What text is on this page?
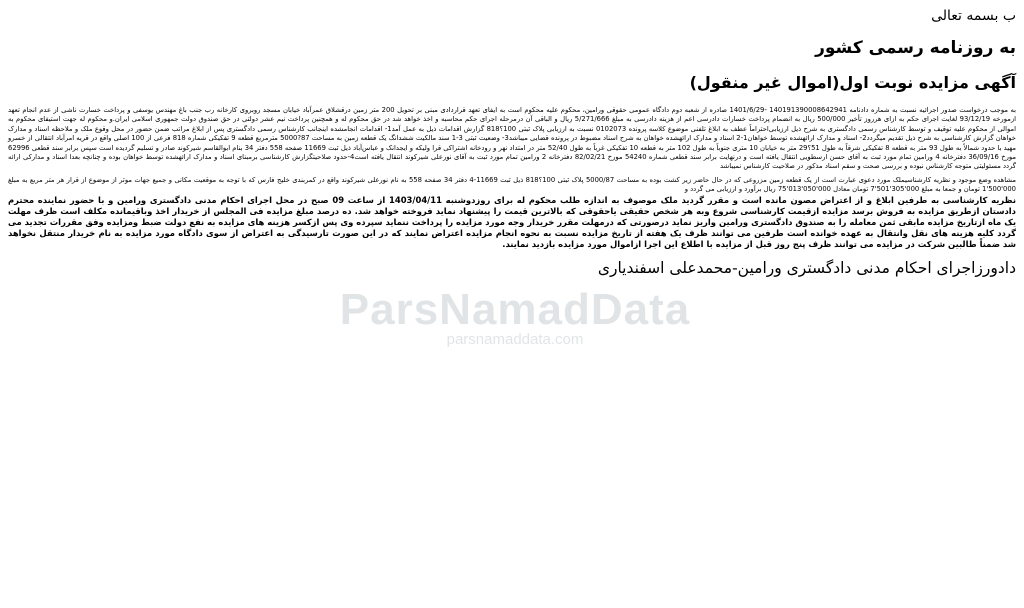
ب بسمه تعالی

به روزنامه رسمی کشور

آگهی مزایده نوبت اول(اموال غیر منقول)

به موجب درخواست صدور اجرائیه نسبت به شماره دادنامه 140191390008642941 -1401/6/29 صادره از شعبه دوم دادگاه عمومی حقوقی ورامین، محکوم علیه محکوم است به ایفای تعهد قراردادی مبنی بر تحویل 200 متر زمین درقشلاق عمرآباد خیابان مسجد روبروی کارخانه رب جنب باغ مهندس یوسفی و پرداخت خسارت ناشی از عدم انجام تعهد ازمورخه 93/12/19 لغایت اجرای حکم به ازای هرروز تأخیر 500/000 ریال به انضمام پرداخت خسارات دادرسی اعم از هزینه دادرسی به مبلغ 5/271/666 ریال و الباقی آن درمرحله اجرای حکم محاسبه و اخذ خواهد شد در حق محکوم له و همچنین پرداخت نیم عشر دولتی در حق صندوق دولت جمهوری اسلامی ایران.و محکوم له جهت استیفای محکوم به اموالی از محکوم علیه توقیف و توسط کارشناس رسمی دادگستری به شرح ذیل ارزیابی‌احتراماً عطف به ابلاغ تلفنی موضوع کلاسه پرونده 0102073 نسبت به ارزیابی پلاک ثبتی 100؟818 گزارش اقدامات ذیل به عمل آمد1- اقدامات انجامشده اینجانب کارشناس رسمی دادگستری پس از ابلاغ مراتب ضمن حضور در محل وقوع ملک و ملاحظه اسناد و مدارک خواهان گزارش کارشناسی به شرح ذیل تقدیم میگردد2- اسناد و مدارک ارائهشده توسط خواهان1-2 اسناد و مدارک ارائهشده خواهان به شرح اسناد مضبوط در پرونده قضایی میباشد3- وضعیت ثبتی 3-1 سند مالکیت ششدانگ یک قطعه زمین به مساحت 87?5000 مترمربع قطعه 9 تفکیکی شماره 818 فرعی از 100 اصلی واقع در قریه امرآباد انتقالی از خسرو مهید با حدود شمالاً به طول 93 متر به قطعه 8 تفکیکی شرقاً به طول 51؟29 متر به خیابان 10 متری جنوباً به طول 102 متر به قطعه 10 تفکیکی غرباً به طول 52/40 متر در امتداد نهر و رودخانه اشتراکی قرا ولیکه و ایجدانک و عباس‌آباد ذیل ثبت 11669 صفحه 558 دفتر 34 بنام ابوالقاسم شیرکوند صادر و تسلیم گردیده است سپس برابر سند قطعی 62996 مورخ 36/09/16 دفترخانه 4 ورامین تمام مورد ثبت به آقای حسن ارسطویی انتقال یافته است و درنهایت برابر سند قطعی شماره 54240 مورخ 82/02/21 دفترخانه 2 ورامین تمام مورد ثبت به آقای نورعلی شیرکوند انتقال یافته است4-حدود صلاحیتگزارش کارشناسی برمبنای اسناد و مدارک ارائهشده توسط خواهان بوده و چنانچه بعدا اسناد و مدارکی ارائه گردد مسئولیتی متوجه کارشناس نبوده و بررسی صحت و سقم اسناد مذکور در صلاحیت کارشناس نمیباشد

مشاهده وضع موجود و نظریه کارشناسیملک مورد دعوی عبارت است از یک قطعه زمین مزروعی که در حال حاضر زیر کشت بوده به مساحت 5000/87 پلاک ثبتی 100؟818 ذیل ثبت 11669-4 دفتر 34 صفحه 558 به نام نورعلی شیرکوند واقع در کمربندی خلیج فارس که با توجه به موقعیت مکانی و جمیع جهات موثر از موضوع از قرار هر متر مربع به مبلغ 000'500'1 تومان و جمعا به مبلغ 000'305'501'7 تومان معادل 000'050'013'75 ریال برآورد و ارزیابی می گردد و

نظریه کارشناسی به طرفین ابلاغ و از اعتراض مصون مانده است و مقرر گردید ملک موصوف به اندازه طلب محکوم له برای روزدوشنبه 1403/04/11 از ساعت 09 صبح در محل اجرای احکام مدنی دادگستری ورامین و با حضور نماینده محترم دادستان ازطریق مزایده به فروش برسد مزایده ازقیمت کارشناسی شروع وبه هر شخص حقیقی یاحقوقی که بالاترین قیمت را پیشنهاد نماید فروخته خواهد شد. ده درصد مبلغ مزایده فی المجلس از خریدار اخذ وباقیمانده مکلف است ظرف مهلت یک ماه ازتاریخ مزایده مابقی ثمن معامله را به صندوق دادگستری ورامین واریز نماید درصورتی که درمهلت مقرر خریدار وجه مورد مزایده را پرداخت ننماید سپرده وی پس ازکسر هزینه های مزایده به نفع دولت ضبط ومزایده وفق مقررات تجدید می گردد کلیه هزینه های نقل وانتقال به عهده خوانده است طرفین می توانند ظرف یک هفته از تاریخ مزایده نسبت به نحوه انجام مزایده اعتراض نمایند که در این صورت تارسیدگی به اعتراض از سوی دادگاه مورد مزایده به نام خریدار منتقل نخواهد شد ضمناً طالبین شرکت در مزایده می توانند ظرف پنج روز قبل از مزایده با اطلاع این اجرا ازاموال مورد مزایده بازدید نمایند.

دادورزاجرای احکام مدنی دادگستری ورامین-محمدعلی اسفندیاری

ParsNamadData
parsnamaddata.com
